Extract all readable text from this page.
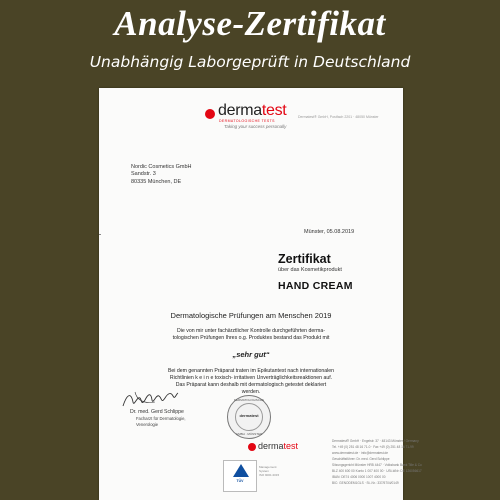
Analyse-Zertifikat
Unabhängig Laborgeprüft in Deutschland
dermatest
DERMATOLOGISCHE TESTS
Taking your success personally
Dermatest® GmbH, Postfach 2201 · 48050 Münster
Nordic Cosmetics GmbH
Sandstr. 3
80335 München, DE
Münster, 05.08.2019
Zertifikat
über das Kosmetikprodukt
HAND CREAM
Dermatologische Prüfungen am Menschen 2019
Die von mir unter fachärztlicher Kontrolle durchgeführten derma-
tologischen Prüfungen Ihres o.g. Produktes bestand das Produkt mit
„sehr gut“
Bei dem genannten Präparat traten im Epikutantest nach internationalen
Richtlinien k e i n e toxisch- irritativen Unverträglichkeitsreaktionen auf.
Das Präparat kann deshalb mit dermatologisch getestet deklariert
werden.
Dr. med. Gerd Schlippe
Facharzt für Dermatologie,
Venerologie
DERMATOLOGISCHE
dermatest
GMBH · MÜNSTER
dermatest
TÜV
Management
System
ISO 9001:2015
Dermatest® GmbH · Engelstr. 37 · 48143 Münster / Germany
Tel. +49 (0) 251 48 16 71-0 · Fax +49 (0) 251 48 16 71-99
www.dermatest.de · info@dermatest.de
Geschäftsführer: Dr. med. Gerd Schlippe
Sitzungsgericht Münster HRB 4447 · Volksbank Bank Tille & Co
BLZ 400 600 00 Konto 1 007 400 00 · USt-IdNr: DE 126056617
IBAN: DE74 4006 0000 1007 4000 00
BIC: GENODEM1GLS · St.-Nr.: 337/5704/0149
